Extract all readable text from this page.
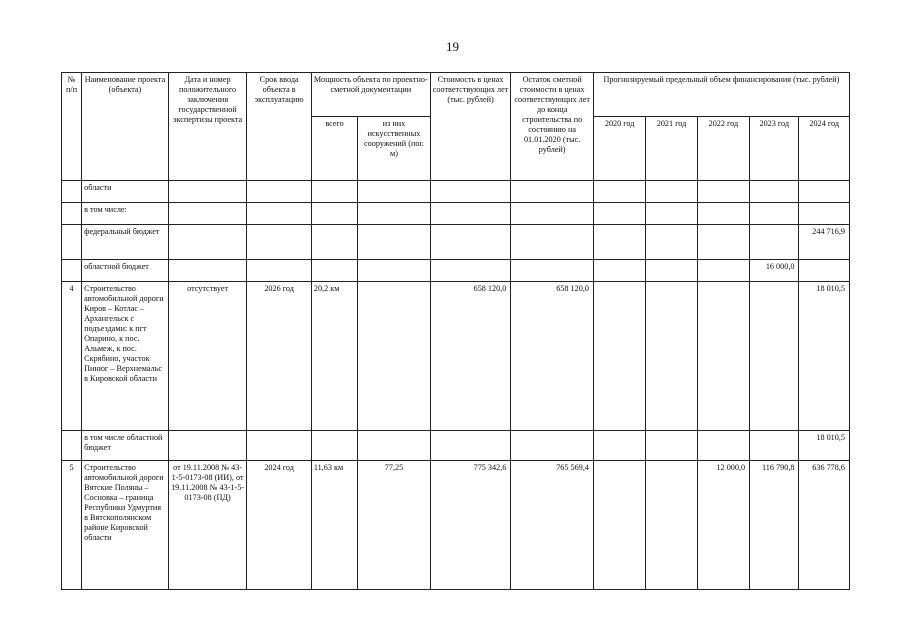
19
№ п/п	Наименование проекта (объекта)	Дата и номер положительного заключения государственной экспертизы проекта	Срок ввода объекта в эксплуатацию	Мощность объекта по проектно-сметной документации		Стоимость в ценах соответствующих лет (тыс. рублей)	Остаток сметной стоимости в ценах соответствующих лет до конца строительства по состоянию на 01.01.2020 (тыс. рублей)	Прогнозируемый предельный объем финансирования (тыс. рублей)				
				всего	из них искусственных сооружений (пог. м)			2020 год	2021 год	2022 год	2023 год	2024 год
	области											
	в том числе:											
	федеральный бюджет											244 716,9
	областной бюджет										16 000,0	
4	Строительство автомобильной дороги Киров – Котлас – Архангельск с подъездами: к пгт Опарино, к пос. Альмеж, к пос. Скрябино, участок Пинюг – Верхнемальс в Кировской области	отсутствует	2026 год	20,2 км		658 120,0	658 120,0					18 010,5
	в том числе областной бюджет											18 010,5
5	Строительство автомобильной дороги Вятские Поляны – Сосновка – граница Республики Удмуртия в Вятскополянском районе Кировской области	от 19.11.2008 № 43-1-5-0173-08 (ИИ), от 19.11.2008 № 43-1-5-0173-08 (ПД)	2024 год	11,63 км	77,25	775 342,6	765 569,4			12 000,0	116 790,8	636 778,6
